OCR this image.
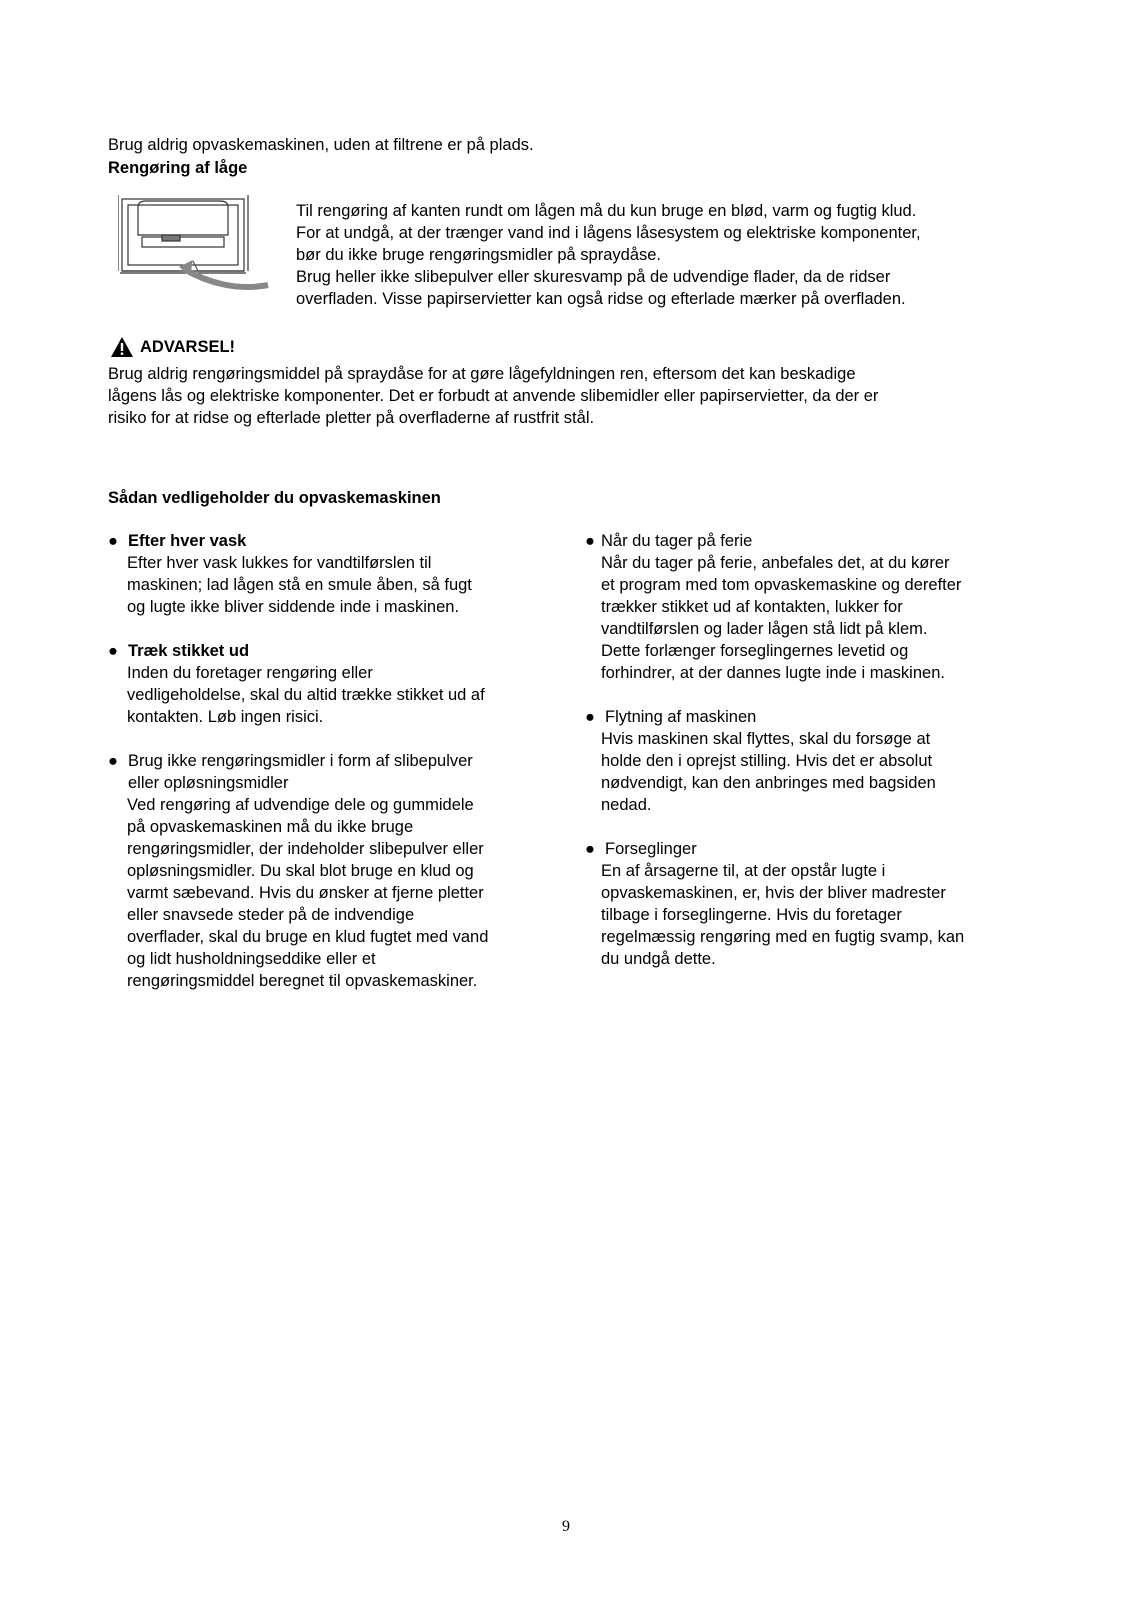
Brug aldrig opvaskemaskinen, uden at filtrene er på plads.
Rengøring af låge
Til rengøring af kanten rundt om lågen må du kun bruge en blød, varm og fugtig klud.
For at undgå, at der trænger vand ind i lågens låsesystem og elektriske komponenter,
bør du ikke bruge rengøringsmidler på spraydåse.
Brug heller ikke slibepulver eller skuresvamp på de udvendige flader, da de ridser
overfladen. Visse papirservietter kan også ridse og efterlade mærker på overfladen.
ADVARSEL!
Brug aldrig rengøringsmiddel på spraydåse for at gøre lågefyldningen ren, eftersom det kan beskadige
lågens lås og elektriske komponenter. Det er forbudt at anvende slibemidler eller papirservietter, da der er
risiko for at ridse og efterlade pletter på overfladerne af rustfrit stål.
Sådan vedligeholder du opvaskemaskinen
● Efter hver vask
Efter hver vask lukkes for vandtilførslen til
maskinen; lad lågen stå en smule åben, så fugt
og lugte ikke bliver siddende inde i maskinen.
● Træk stikket ud
Inden du foretager rengøring eller
vedligeholdelse, skal du altid trække stikket ud af
kontakten. Løb ingen risici.
● Brug ikke rengøringsmidler i form af slibepulver
eller opløsningsmidler
Ved rengøring af udvendige dele og gummidele
på opvaskemaskinen må du ikke bruge
rengøringsmidler, der indeholder slibepulver eller
opløsningsmidler. Du skal blot bruge en klud og
varmt sæbevand. Hvis du ønsker at fjerne pletter
eller snavsede steder på de indvendige
overflader, skal du bruge en klud fugtet med vand
og lidt husholdningseddike eller et
rengøringsmiddel beregnet til opvaskemaskiner.
● Når du tager på ferie
Når du tager på ferie, anbefales det, at du kører
et program med tom opvaskemaskine og derefter
trækker stikket ud af kontakten, lukker for
vandtilførslen og lader lågen stå lidt på klem.
Dette forlænger forseglingernes levetid og
forhindrer, at der dannes lugte inde i maskinen.
● Flytning af maskinen
Hvis maskinen skal flyttes, skal du forsøge at
holde den i oprejst stilling. Hvis det er absolut
nødvendigt, kan den anbringes med bagsiden
nedad.
● Forseglinger
En af årsagerne til, at der opstår lugte i
opvaskemaskinen, er, hvis der bliver madrester
tilbage i forseglingerne. Hvis du foretager
regelmæssig rengøring med en fugtig svamp, kan
du undgå dette.
9
